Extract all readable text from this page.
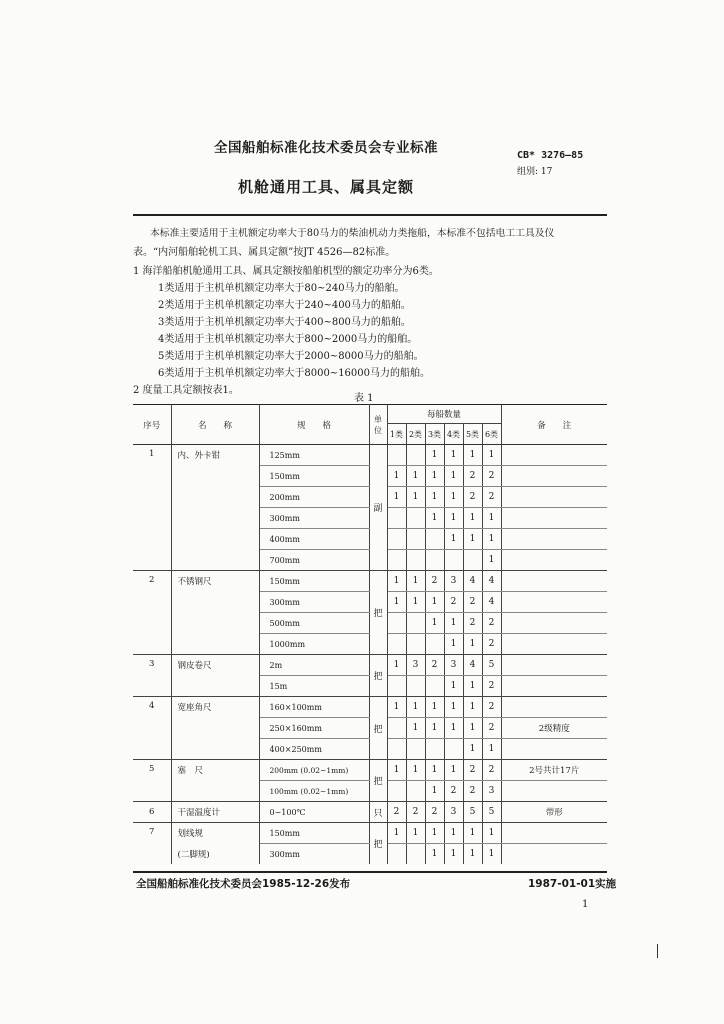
全国船舶标准化技术委员会专业标准	CB* 3276—85
组别: 17
机舱通用工具、属具定额

本标准主要适用于主机额定功率大于80马力的柴油机动力类拖船，本标准不包括电工工具及仪

表。“内河船舶轮机工具、属具定额”按JT 4526—82标准。

1 海洋船舶机舱通用工具、属具定额按船舶机型的额定功率分为6类。

1类适用于主机单机额定功率大于80~240马力的船舶。

2类适用于主机单机额定功率大于240~400马力的船舶。

3类适用于主机单机额定功率大于400~800马力的船舶。

4类适用于主机单机额定功率大于800~2000马力的船舶。

5类适用于主机单机额定功率大于2000~8000马力的船舶。

6类适用于主机单机额定功率大于8000~16000马力的船舶。

2 度量工具定额按表1。

表 1
序号	名　　称	规　　格	单位	每船数量						备　　注
				1类	2类	3类	4类	5类	6类	
1	内、外卡钳	125mm	副			1	1	1	1	
		150mm		1	1	1	1	2	2	
		200mm		1	1	1	1	2	2	
		300mm				1	1	1	1	
		400mm					1	1	1	
		700mm							1	
2	不锈钢尺	150mm	把	1	1	2	3	4	4	
		300mm		1	1	1	2	2	4	
		500mm				1	1	2	2	
		1000mm					1	1	2	
3	钢皮卷尺	2m	把	1	3	2	3	4	5	
		15m					1	1	2	
4	宽座角尺	160×100mm	把	1	1	1	1	1	2	
		250×160mm			1	1	1	1	2	2级精度
		400×250mm						1	1	
5	塞　尺	200mm (0.02~1mm)	把	1	1	1	1	2	2	2号共计17片
		100mm (0.02~1mm)				1	2	2	3	
6	干湿温度计	0~100℃	只	2	2	2	3	5	5	带形
7	划线规	150mm	把	1	1	1	1	1	1	
	(二脚规)	300mm				1	1	1	1	
全国船舶标准化技术委员会1985-12-26发布	1987-01-01实施
1
